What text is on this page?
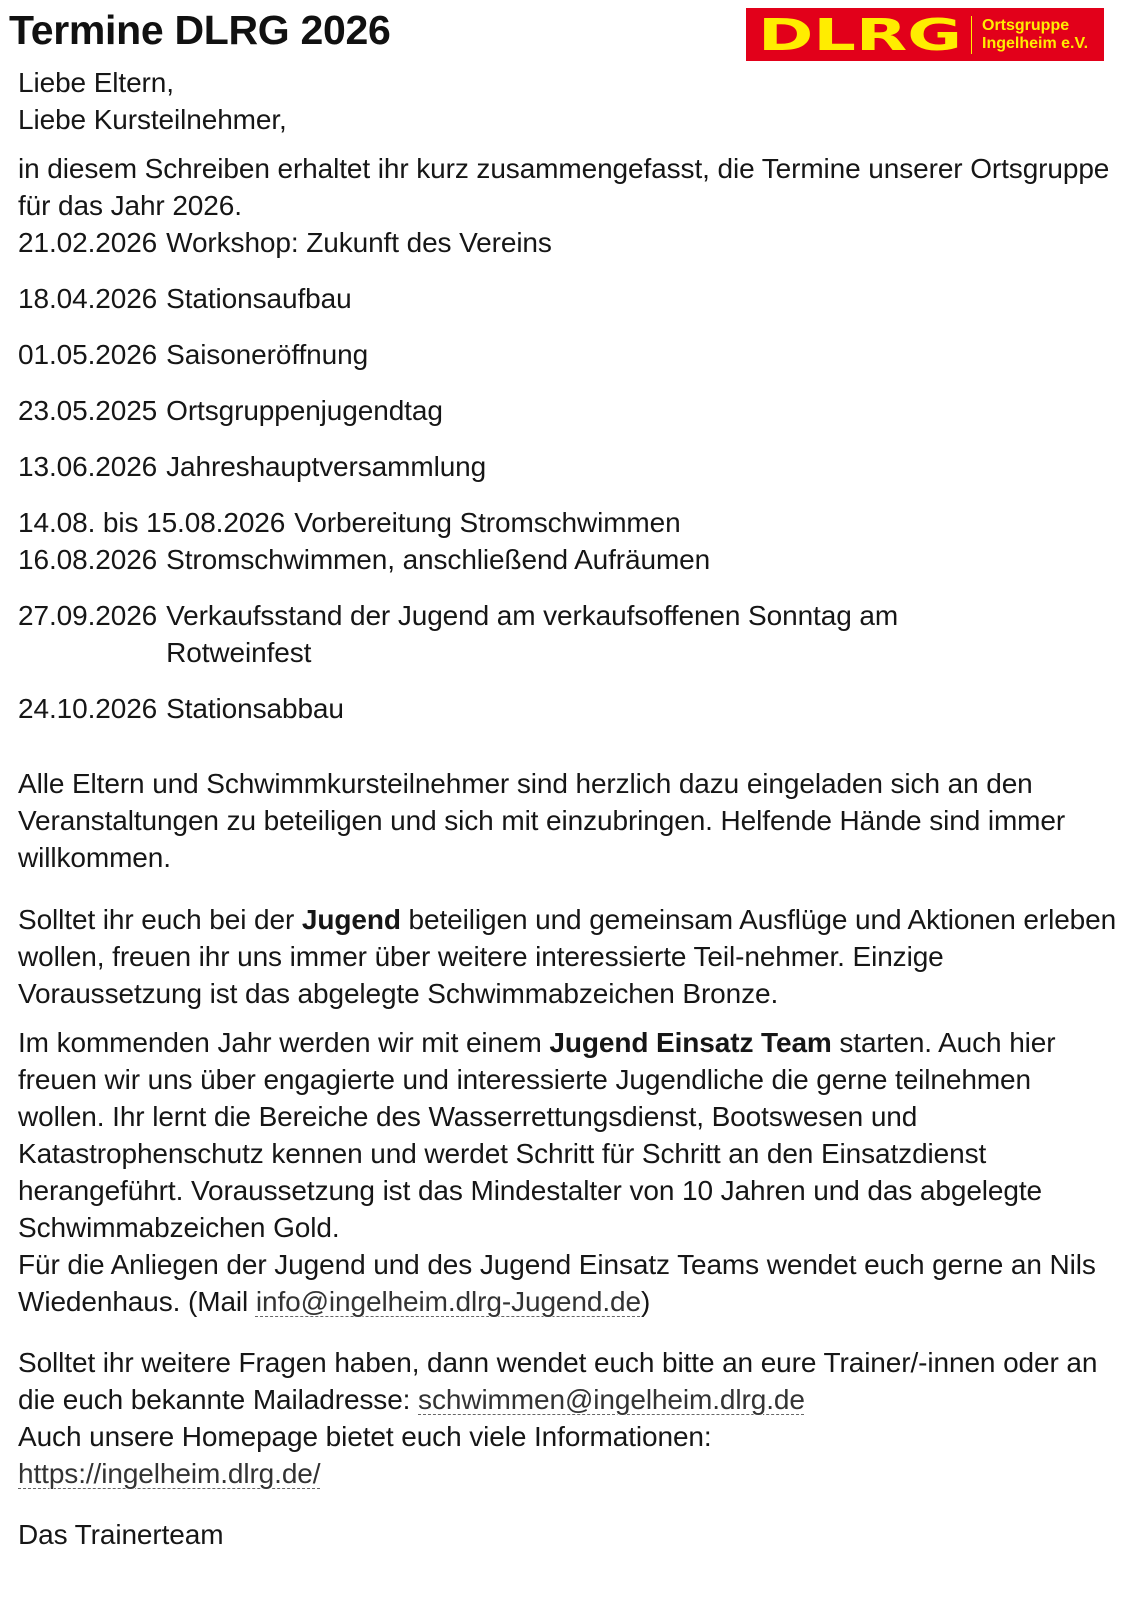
Termine DLRG 2026	DLRG Ortsgruppe
Ingelheim e.V.

Liebe Eltern,

Liebe Kursteilnehmer,

in diesem Schreiben erhaltet ihr kurz zusammengefasst, die Termine unserer Ortsgruppe für das Jahr 2026.

21.02.2026 Workshop: Zukunft des Vereins
18.04.2026 Stationsaufbau
01.05.2026 Saisoneröffnung
23.05.2025 Ortsgruppenjugendtag
13.06.2026 Jahreshauptversammlung
14.08. bis 15.08.2026 Vorbereitung Stromschwimmen
16.08.2026 Stromschwimmen, anschließend Aufräumen
27.09.2026 Verkaufsstand der Jugend am verkaufsoffenen Sonntag am Rotweinfest
24.10.2026 Stationsabbau

Alle Eltern und Schwimmkursteilnehmer sind herzlich dazu eingeladen sich an den Veranstaltungen zu beteiligen und sich mit einzubringen. Helfende Hände sind immer willkommen.

Solltet ihr euch bei der Jugend beteiligen und gemeinsam Ausflüge und Aktionen erleben wollen, freuen ihr uns immer über weitere interessierte Teil-nehmer. Einzige Voraussetzung ist das abgelegte Schwimmabzeichen Bronze.

Im kommenden Jahr werden wir mit einem Jugend Einsatz Team starten. Auch hier freuen wir uns über engagierte und interessierte Jugendliche die gerne teilnehmen wollen. Ihr lernt die Bereiche des Wasserrettungsdienst, Bootswesen und Katastrophenschutz kennen und werdet Schritt für Schritt an den Einsatzdienst herangeführt. Voraussetzung ist das Mindestalter von 10 Jahren und das abgelegte Schwimmabzeichen Gold.
Für die Anliegen der Jugend und des Jugend Einsatz Teams wendet euch gerne an Nils Wiedenhaus. (Mail info@ingelheim.dlrg-Jugend.de)

Solltet ihr weitere Fragen haben, dann wendet euch bitte an eure Trainer/-innen oder an die euch bekannte Mailadresse: schwimmen@ingelheim.dlrg.de
Auch unsere Homepage bietet euch viele Informationen:
https://ingelheim.dlrg.de/

Das Trainerteam
